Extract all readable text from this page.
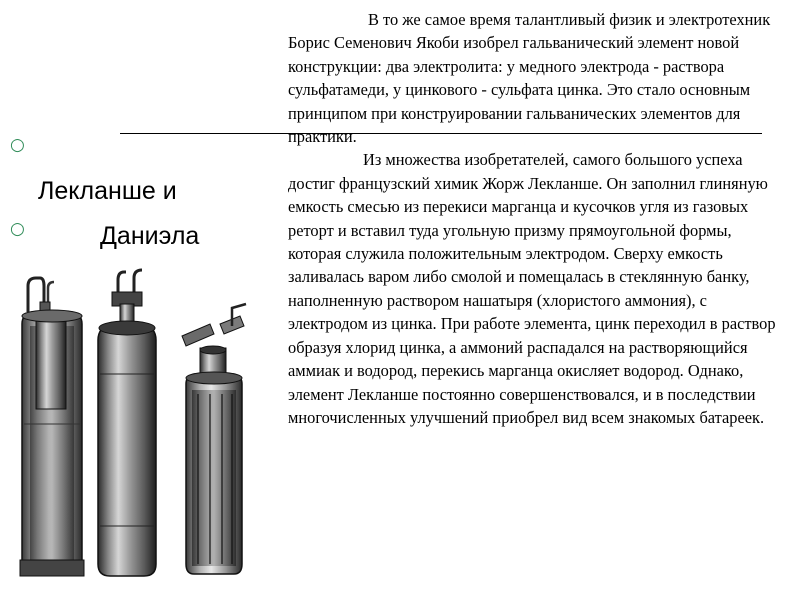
○
○
Лекланше и
Даниэла

В то же самое время талантливый физик и электротехник Борис Семенович Якоби изобрел гальванический элемент новой конструкции: два электролита: у медного электрода - раствора сульфатамеди, у цинкового - сульфата цинка. Это стало основным принципом при конструировании гальванических элементов для практики.

Из множества изобретателей, самого большого успеха достиг французский химик Жорж Лекланше. Он заполнил глиняную емкость смесью из перекиси марганца и кусочков угля из газовых реторт и вставил туда угольную призму прямоугольной формы, которая служила положительным электродом. Сверху емкость заливалась варом либо смолой и помещалась в стеклянную банку, наполненную раствором нашатыря (хлористого аммония), с электродом из цинка. При работе элемента, цинк переходил в раствор образуя хлорид цинка, а аммоний распадался на растворяющийся аммиак и водород, перекись марганца окисляет водород. Однако, элемент Лекланше постоянно совершенствовался, и в последствии многочисленных улучшений приобрел вид всем знакомых батареек.
